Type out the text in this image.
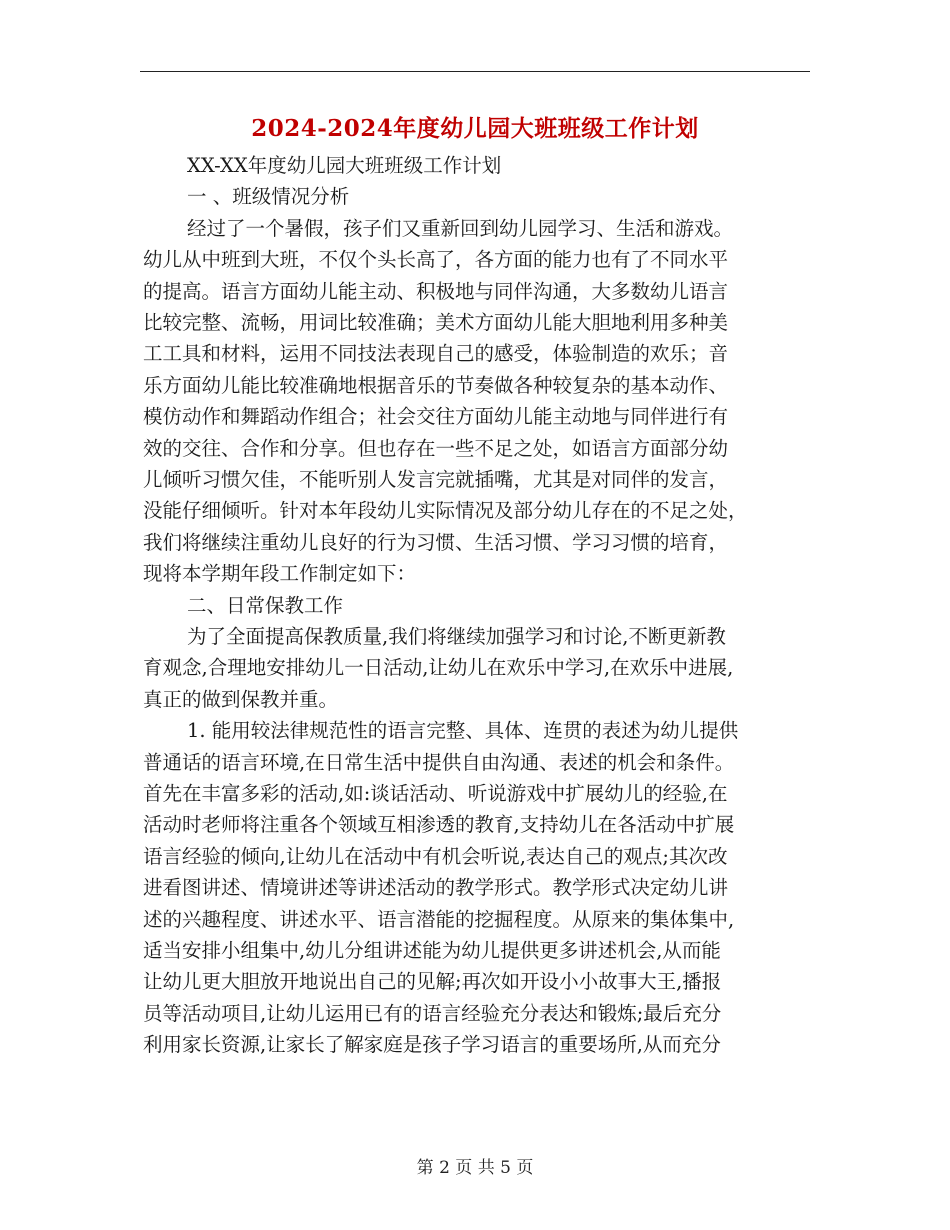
2024-2024年度幼儿园大班班级工作计划
XX-XX年度幼儿园大班班级工作计划
一 、班级情况分析
经过了一个暑假，孩子们又重新回到幼儿园学习、生活和游戏。
幼儿从中班到大班，不仅个头长高了，各方面的能力也有了不同水平
的提高。语言方面幼儿能主动、积极地与同伴沟通，大多数幼儿语言
比较完整、流畅，用词比较准确；美术方面幼儿能大胆地利用多种美
工工具和材料，运用不同技法表现自己的感受，体验制造的欢乐；音
乐方面幼儿能比较准确地根据音乐的节奏做各种较复杂的基本动作、
模仿动作和舞蹈动作组合；社会交往方面幼儿能主动地与同伴进行有
效的交往、合作和分享。但也存在一些不足之处，如语言方面部分幼
儿倾听习惯欠佳，不能听别人发言完就插嘴，尤其是对同伴的发言，
没能仔细倾听。针对本年段幼儿实际情况及部分幼儿存在的不足之处，
我们将继续注重幼儿良好的行为习惯、生活习惯、学习习惯的培育，
现将本学期年段工作制定如下：
二、日常保教工作
为了全面提高保教质量,我们将继续加强学习和讨论,不断更新教
育观念,合理地安排幼儿一日活动,让幼儿在欢乐中学习,在欢乐中进展,
真正的做到保教并重。
1. 能用较法律规范性的语言完整、具体、连贯的表述为幼儿提供
普通话的语言环境,在日常生活中提供自由沟通、表述的机会和条件。
首先在丰富多彩的活动,如:谈话活动、听说游戏中扩展幼儿的经验,在
活动时老师将注重各个领域互相渗透的教育,支持幼儿在各活动中扩展
语言经验的倾向,让幼儿在活动中有机会听说,表达自己的观点;其次改
进看图讲述、情境讲述等讲述活动的教学形式。教学形式决定幼儿讲
述的兴趣程度、讲述水平、语言潜能的挖掘程度。从原来的集体集中,
适当安排小组集中,幼儿分组讲述能为幼儿提供更多讲述机会,从而能
让幼儿更大胆放开地说出自己的见解;再次如开设小小故事大王,播报
员等活动项目,让幼儿运用已有的语言经验充分表达和锻炼;最后充分
利用家长资源,让家长了解家庭是孩子学习语言的重要场所,从而充分
第 2 页 共 5 页
